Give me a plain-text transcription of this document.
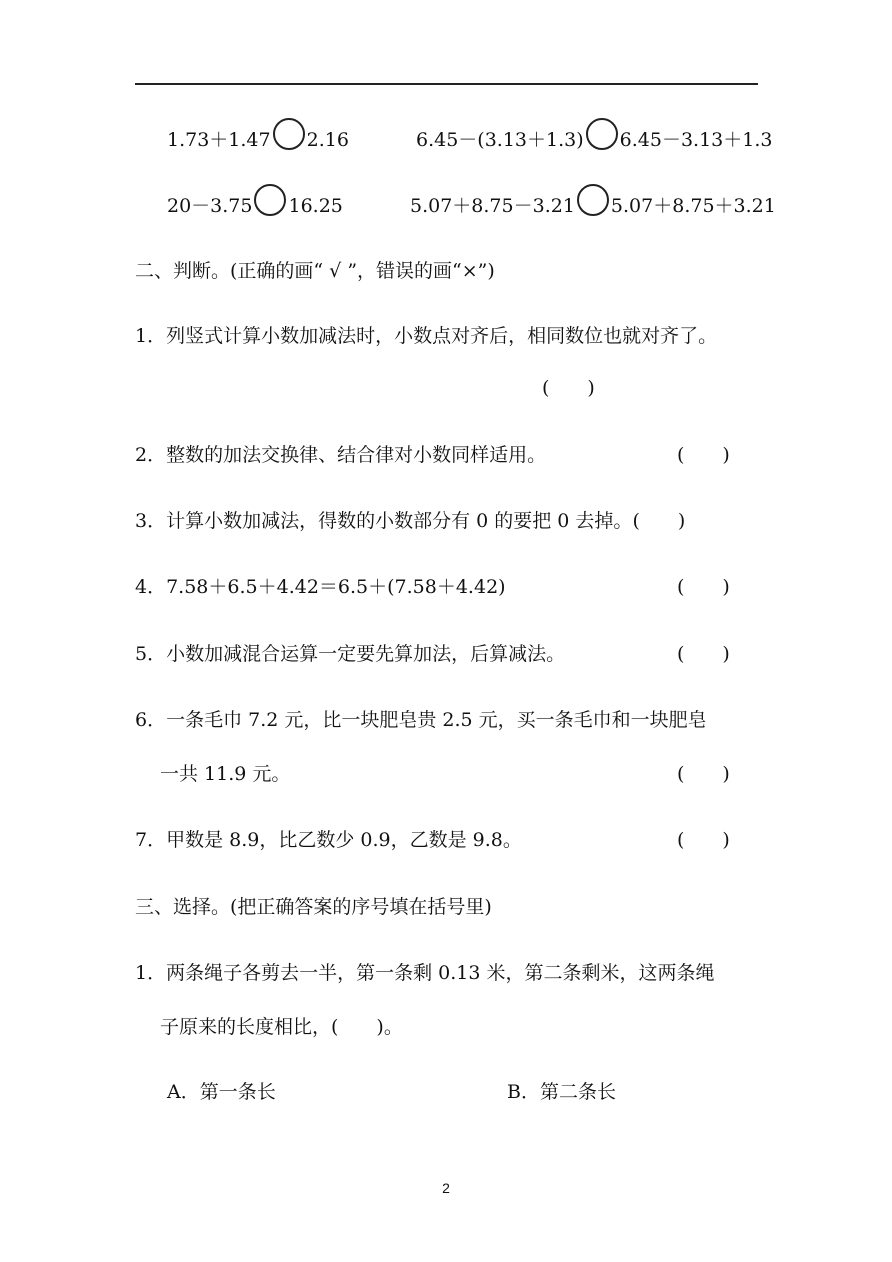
1.73＋1.47 2.16	6.45－(3.13＋1.3) 6.45－3.13＋1.3
20－3.75 16.25	5.07＋8.75－3.21 5.07＋8.75＋3.21
二、判断。(正确的画“ √ ”，错误的画“×”)
1．列竖式计算小数加减法时，小数点对齐后，相同数位也就对齐了。
(　　)
2．整数的加法交换律、结合律对小数同样适用。	(　　)
3．计算小数加减法，得数的小数部分有 0 的要把 0 去掉。(　　)
4．7.58＋6.5＋4.42＝6.5＋(7.58＋4.42)	(　　)
5．小数加减混合运算一定要先算加法，后算减法。	(　　)
6．一条毛巾 7.2 元，比一块肥皂贵 2.5 元，买一条毛巾和一块肥皂
一共 11.9 元。	(　　)
7．甲数是 8.9，比乙数少 0.9，乙数是 9.8。	(　　)
三、选择。(把正确答案的序号填在括号里)
1．两条绳子各剪去一半，第一条剩 0.13 米，第二条剩米，这两条绳
子原来的长度相比，(　　)。
A．第一条长	B．第二条长
2
